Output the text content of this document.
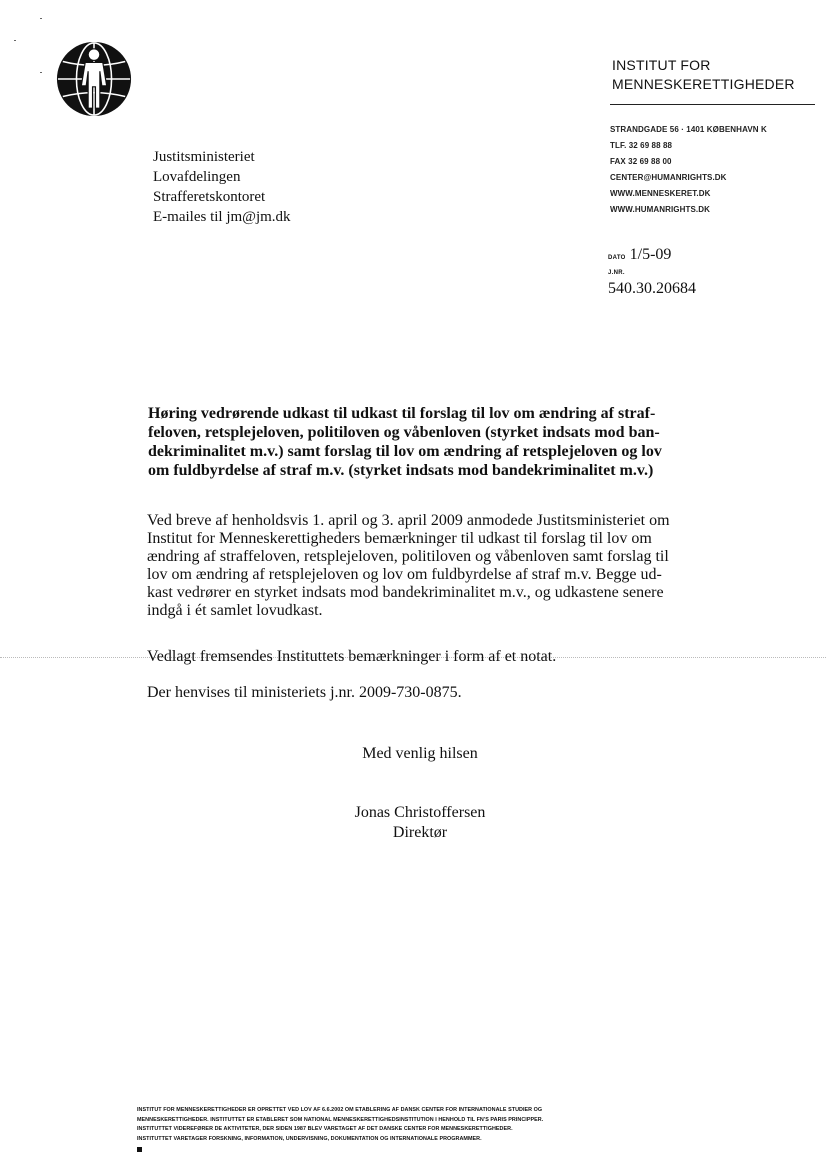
INSTITUT FOR
MENNESKERETTIGHEDER
STRANDGADE 56 · 1401 KØBENHAVN K
TLF. 32 69 88 88
FAX 32 69 88 00
CENTER@HUMANRIGHTS.DK
WWW.MENNESKERET.DK
WWW.HUMANRIGHTS.DK
Justitsministeriet
Lovafdelingen
Strafferetskontoret
E-mailes til jm@jm.dk
DATO 1/5-09
J.NR.
540.30.20684
Høring vedrørende udkast til udkast til forslag til lov om ændring af straf-
feloven, retsplejeloven, politiloven og våbenloven (styrket indsats mod ban-
dekriminalitet m.v.) samt forslag til lov om ændring af retsplejeloven og lov
om fuldbyrdelse af straf m.v. (styrket indsats mod bandekriminalitet m.v.)
Ved breve af henholdsvis 1. april og 3. april 2009 anmodede Justitsministeriet om
Institut for Menneskerettigheders bemærkninger til udkast til forslag til lov om
ændring af straffeloven, retsplejeloven, politiloven og våbenloven samt forslag til
lov om ændring af retsplejeloven og lov om fuldbyrdelse af straf m.v. Begge ud-
kast vedrører en styrket indsats mod bandekriminalitet m.v., og udkastene senere
indgå i ét samlet lovudkast.
Vedlagt fremsendes Instituttets bemærkninger i form af et notat.
Der henvises til ministeriets j.nr. 2009-730-0875.
Med venlig hilsen
Jonas Christoffersen
Direktør
INSTITUT FOR MENNESKERETTIGHEDER ER OPRETTET VED LOV AF 6.6.2002 OM ETABLERING AF DANSK CENTER FOR INTERNATIONALE STUDIER OG
MENNESKERETTIGHEDER. INSTITUTTET ER ETABLERET SOM NATIONAL MENNESKERETTIGHEDSINSTITUTION I HENHOLD TIL FN'S PARIS PRINCIPPER.
INSTITUTTET VIDEREFØRER DE AKTIVITETER, DER SIDEN 1987 BLEV VARETAGET AF DET DANSKE CENTER FOR MENNESKERETTIGHEDER.
INSTITUTTET VARETAGER FORSKNING, INFORMATION, UNDERVISNING, DOKUMENTATION OG INTERNATIONALE PROGRAMMER.
